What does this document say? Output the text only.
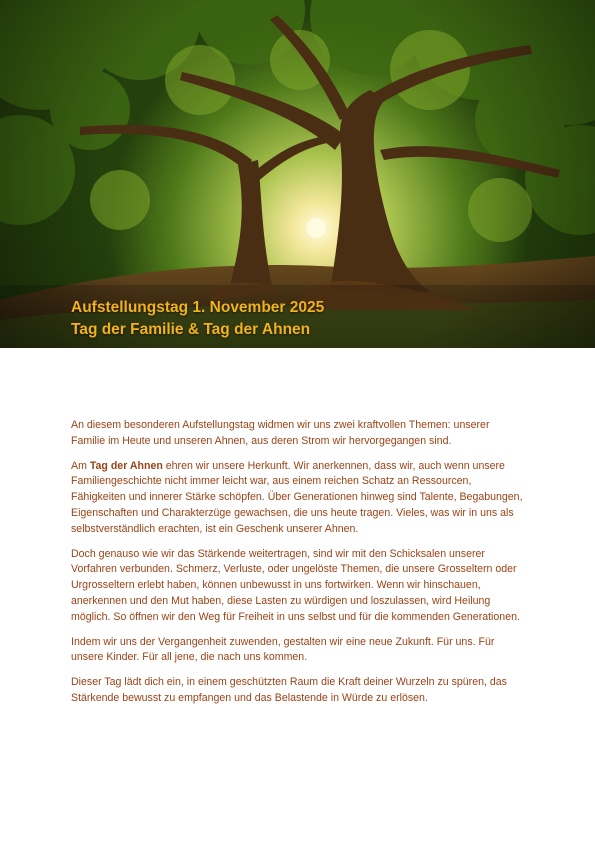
Aufstellungstag 1. November 2025
Tag der Familie & Tag der Ahnen

An diesem besonderen Aufstellungstag widmen wir uns zwei kraftvollen Themen: unserer Familie im Heute und unseren Ahnen, aus deren Strom wir hervorgegangen sind.

Am Tag der Ahnen ehren wir unsere Herkunft. Wir anerkennen, dass wir, auch wenn unsere Familiengeschichte nicht immer leicht war, aus einem reichen Schatz an Ressourcen, Fähigkeiten und innerer Stärke schöpfen. Über Generationen hinweg sind Talente, Begabungen, Eigenschaften und Charakterzüge gewachsen, die uns heute tragen. Vieles, was wir in uns als selbstverständlich erachten, ist ein Geschenk unserer Ahnen.

Doch genauso wie wir das Stärkende weitertragen, sind wir mit den Schicksalen unserer Vorfahren verbunden. Schmerz, Verluste, oder ungelöste Themen, die unsere Grosseltern oder Urgrosseltern erlebt haben, können unbewusst in uns fortwirken. Wenn wir hinschauen, anerkennen und den Mut haben, diese Lasten zu würdigen und loszulassen, wird Heilung möglich. So öffnen wir den Weg für Freiheit in uns selbst und für die kommenden Generationen.

Indem wir uns der Vergangenheit zuwenden, gestalten wir eine neue Zukunft. Für uns. Für unsere Kinder. Für all jene, die nach uns kommen.

Dieser Tag lädt dich ein, in einem geschützten Raum die Kraft deiner Wurzeln zu spüren, das Stärkende bewusst zu empfangen und das Belastende in Würde zu erlösen.
